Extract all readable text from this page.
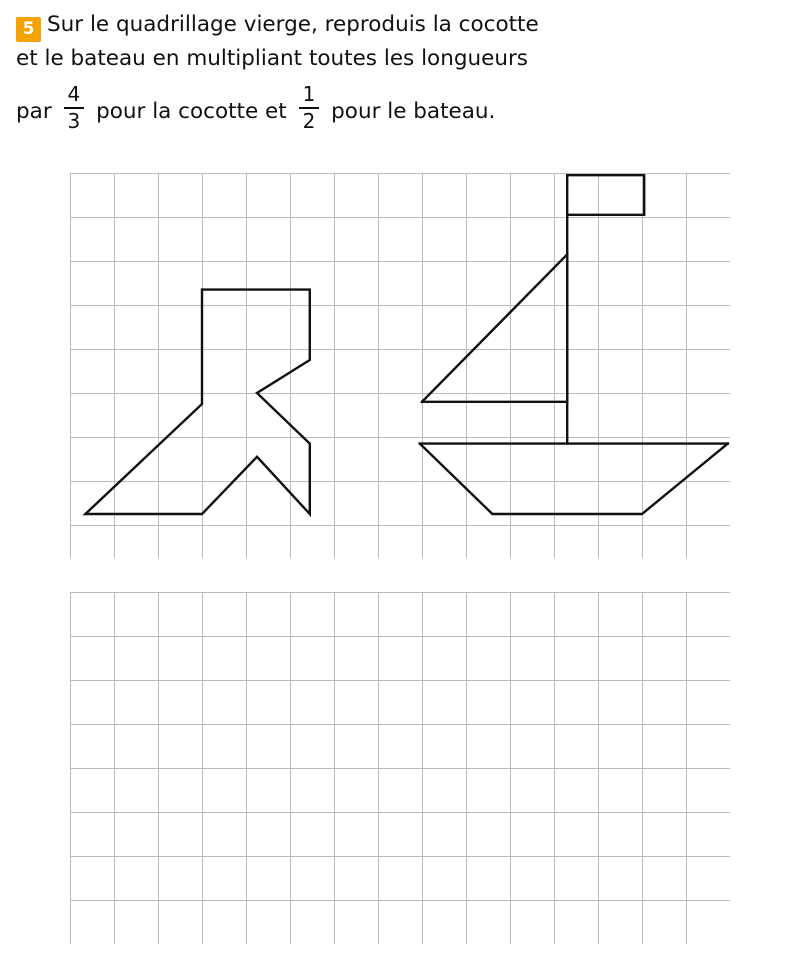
5 Sur le quadrillage vierge, reproduis la cocotte
et le bateau en multipliant toutes les longueurs
par $\frac{4}{3}$ pour la cocotte et $\frac{1}{2}$ pour le bateau.
